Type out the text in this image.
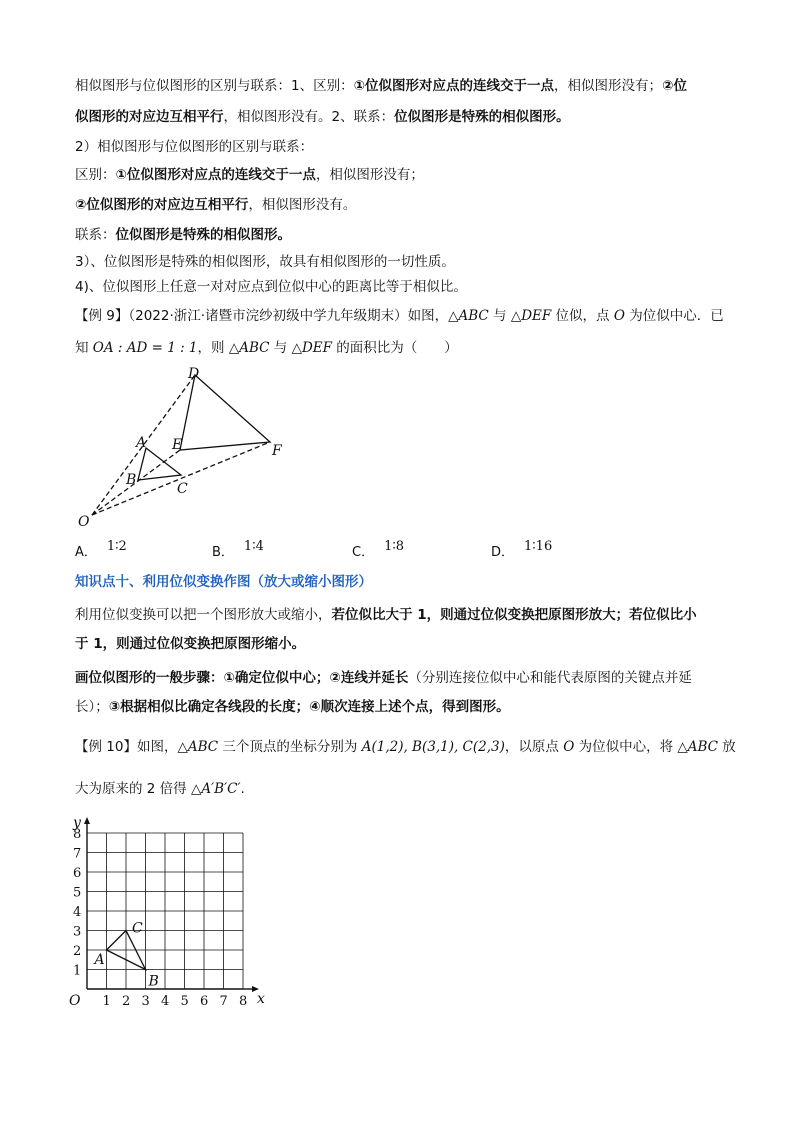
相似图形与位似图形的区别与联系：1、区别：①位似图形对应点的连线交于一点，相似图形没有；②位
似图形的对应边互相平行，相似图形没有。2、联系：位似图形是特殊的相似图形。
2）相似图形与位似图形的区别与联系：
区别：①位似图形对应点的连线交于一点，相似图形没有；
②位似图形的对应边互相平行，相似图形没有。
联系：位似图形是特殊的相似图形。
3）、位似图形是特殊的相似图形，故具有相似图形的一切性质。
4)、位似图形上任意一对对应点到位似中心的距离比等于相似比。
【例 9】（2022·浙江·诸暨市浣纱初级中学九年级期末）如图，△ABC 与 △DEF 位似，点 O 为位似中心．已
知 OA : AD = 1 : 1，则 △ABC 与 △DEF 的面积比为（　　）
D
E	F
A
B
C
O
A． 1∶2	B． 1∶4	C． 1∶8	D． 1∶16
知识点十、利用位似变换作图（放大或缩小图形）
利用位似变换可以把一个图形放大或缩小，若位似比大于 1，则通过位似变换把原图形放大；若位似比小
于 1，则通过位似变换把原图形缩小。
画位似图形的一般步骤：①确定位似中心；②连线并延长（分别连接位似中心和能代表原图的关键点并延
长）；③根据相似比确定各线段的长度；④顺次连接上述个点，得到图形。
【例 10】如图，△ABC 三个顶点的坐标分别为 A(1,2), B(3,1), C(2,3)，以原点 O 为位似中心，将 △ABC 放
大为原来的 2 倍得 △A′B′C′.
1 2 3 4 5 6 7 8
1
2
3
4
5
6
7
8
O	x
y
A
B
C
